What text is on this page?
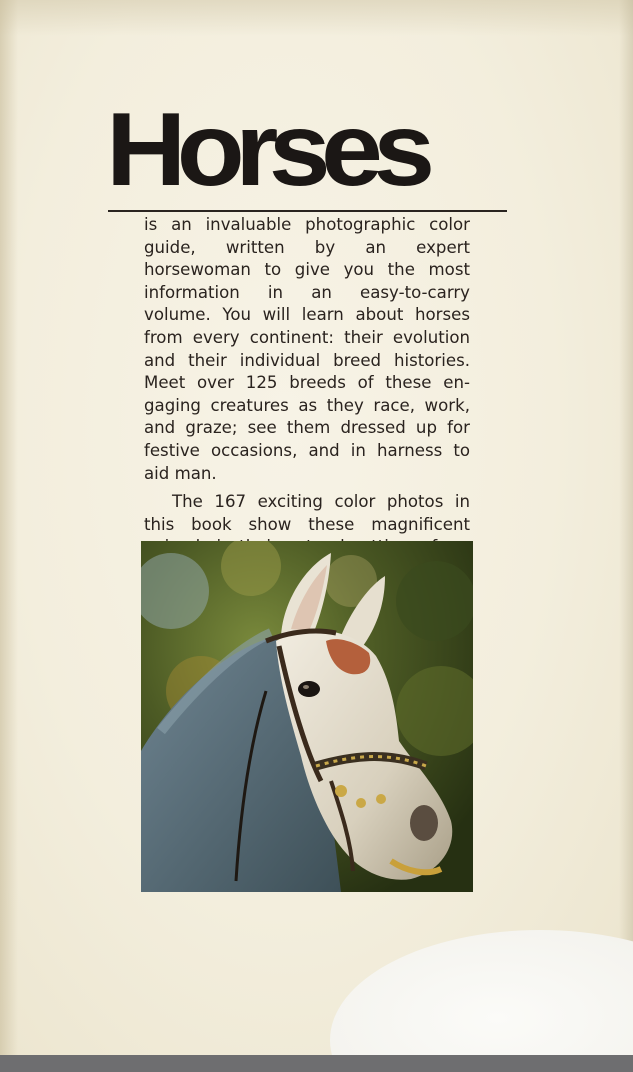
Horses

is an invaluable photographic color guide, written by an expert horsewoman to give you the most information in an easy-to-carry volume. You will learn about horses from every continent: their evolution and their individual breed histories. Meet over 125 breeds of these engaging creatures as they race, work, and graze; see them dressed up for festive occasions, and in harness to aid man.

The 167 exciting color photos in this book show these magnificent
